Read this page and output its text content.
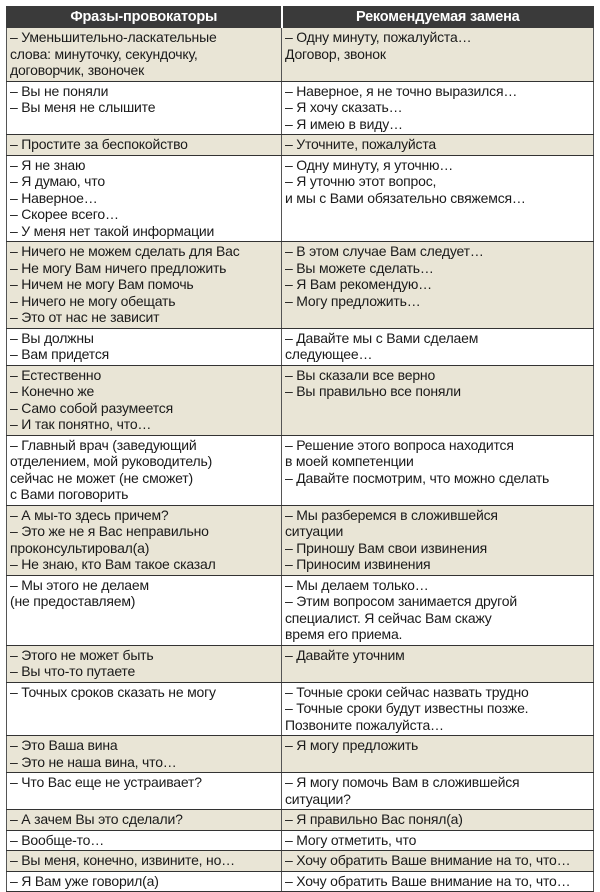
Фразы-провокаторы	Рекомендуемая замена

– Уменьшительно-ласкательные
слова: минуточку, секундочку,
договорчик, звоночек	– Одну минуту, пожалуйста…
Договор, звонок

– Вы не поняли
– Вы меня не слышите	– Наверное, я не точно выразился…
– Я хочу сказать…
– Я имею в виду…

– Простите за беспокойство	– Уточните, пожалуйста

– Я не знаю
– Я думаю, что
– Наверное…
– Скорее всего…
– У меня нет такой информации	– Одну минуту, я уточню…
– Я уточню этот вопрос,
и мы с Вами обязательно свяжемся…

– Ничего не можем сделать для Вас
– Не могу Вам ничего предложить
– Ничем не могу Вам помочь
– Ничего не могу обещать
– Это от нас не зависит	– В этом случае Вам следует…
– Вы можете сделать…
– Я Вам рекомендую…
– Могу предложить…

– Вы должны
– Вам придется	– Давайте мы с Вами сделаем
следующее…

– Естественно
– Конечно же
– Само собой разумеется
– И так понятно, что…	– Вы сказали все верно
– Вы правильно все поняли

– Главный врач (заведующий
отделением, мой руководитель)
сейчас не может (не сможет)
с Вами поговорить	– Решение этого вопроса находится
в моей компетенции
– Давайте посмотрим, что можно сделать

– А мы-то здесь причем?
– Это же не я Вас неправильно
проконсультировал(а)
– Не знаю, кто Вам такое сказал	– Мы разберемся в сложившейся
ситуации
– Приношу Вам свои извинения
– Приносим извинения

– Мы этого не делаем
(не предоставляем)	– Мы делаем только…
– Этим вопросом занимается другой
специалист. Я сейчас Вам скажу
время его приема.

– Этого не может быть
– Вы что-то путаете	– Давайте уточним

– Точных сроков сказать не могу	– Точные сроки сейчас назвать трудно
– Точные сроки будут известны позже.
Позвоните пожалуйста…

– Это Ваша вина
– Это не наша вина, что…	– Я могу предложить

– Что Вас еще не устраивает?	– Я могу помочь Вам в сложившейся
ситуации?

– А зачем Вы это сделали?	– Я правильно Вас понял(а)

– Вообще-то…	– Могу отметить, что

– Вы меня, конечно, извините, но…	– Хочу обратить Ваше внимание на то, что…

– Я Вам уже говорил(а)	– Хочу обратить Ваше внимание на то, что…
